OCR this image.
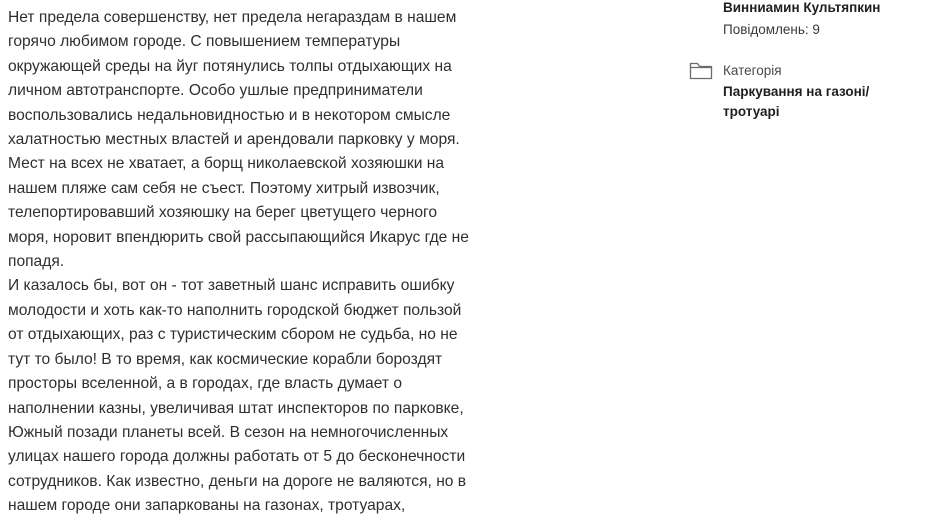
Нет предела совершенству, нет предела негараздам в нашем
горячо любимом городе. С повышением температуры
окружающей среды на йуг потянулись толпы отдыхающих на
личном автотранспорте. Особо ушлые предприниматели
воспользовались недальновидностью и в некотором смысле
халатностью местных властей и арендовали парковку у моря.
Мест на всех не хватает, а борщ николаевской хозяюшки на
нашем пляже сам себя не съест. Поэтому хитрый извозчик,
телепортировавший хозяюшку на берег цветущего черного
моря, норовит впендюрить свой рассыпающийся Икарус где не
попадя.

И казалось бы, вот он - тот заветный шанс исправить ошибку
молодости и хоть как-то наполнить городской бюджет пользой
от отдыхающих, раз с туристическим сбором не судьба, но не
тут то было! В то время, как космические корабли бороздят
просторы вселенной, а в городах, где власть думает о
наполнении казны, увеличивая штат инспекторов по парковке,
Южный позади планеты всей. В сезон на немногочисленных
улицах нашего города должны работать от 5 до бесконечности
сотрудников. Как известно, деньги на дороге не валяются, но в
нашем городе они запаркованы на газонах, тротуарах,

Винниамин Культяпкин
Повідомлень: 9
Категорія
Паркування на газоні/
тротуарі
